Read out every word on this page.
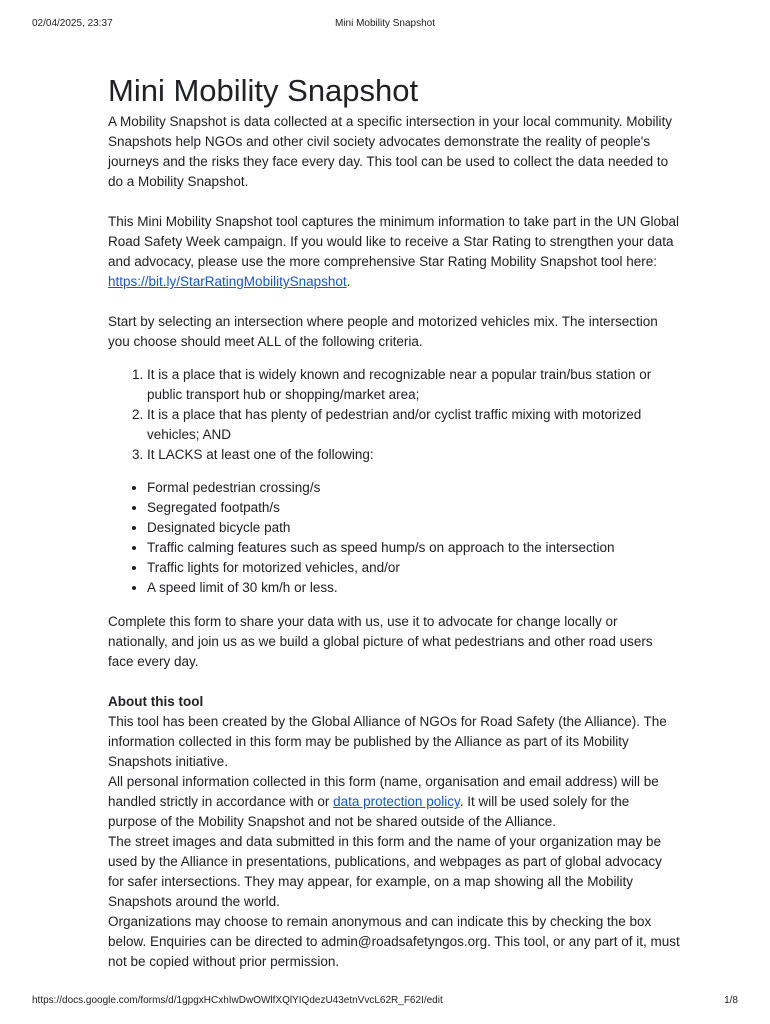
02/04/2025, 23:37	Mini Mobility Snapshot
Mini Mobility Snapshot

A Mobility Snapshot is data collected at a specific intersection in your local community. Mobility Snapshots help NGOs and other civil society advocates demonstrate the reality of people's journeys and the risks they face every day. This tool can be used to collect the data needed to do a Mobility Snapshot.

This Mini Mobility Snapshot tool captures the minimum information to take part in the UN Global Road Safety Week campaign. If you would like to receive a Star Rating to strengthen your data and advocacy, please use the more comprehensive Star Rating Mobility Snapshot tool here: https://bit.ly/StarRatingMobilitySnapshot.

Start by selecting an intersection where people and motorized vehicles mix. The intersection you choose should meet ALL of the following criteria.

1. It is a place that is widely known and recognizable near a popular train/bus station or public transport hub or shopping/market area;
2. It is a place that has plenty of pedestrian and/or cyclist traffic mixing with motorized vehicles; AND
3. It LACKS at least one of the following:
• Formal pedestrian crossing/s
• Segregated footpath/s
• Designated bicycle path
• Traffic calming features such as speed hump/s on approach to the intersection
• Traffic lights for motorized vehicles, and/or
• A speed limit of 30 km/h or less.

Complete this form to share your data with us, use it to advocate for change locally or nationally, and join us as we build a global picture of what pedestrians and other road users face every day.

About this tool

This tool has been created by the Global Alliance of NGOs for Road Safety (the Alliance). The information collected in this form may be published by the Alliance as part of its Mobility Snapshots initiative.

All personal information collected in this form (name, organisation and email address) will be handled strictly in accordance with or data protection policy. It will be used solely for the purpose of the Mobility Snapshot and not be shared outside of the Alliance.

The street images and data submitted in this form and the name of your organization may be used by the Alliance in presentations, publications, and webpages as part of global advocacy for safer intersections. They may appear, for example, on a map showing all the Mobility Snapshots around the world.

Organizations may choose to remain anonymous and can indicate this by checking the box below. Enquiries can be directed to admin@roadsafetyngos.org. This tool, or any part of it, must not be copied without prior permission.

https://docs.google.com/forms/d/1gpgxHCxhIwDwOWlfXQlYIQdezU43etnVvcL62R_F62I/edit	1/8
